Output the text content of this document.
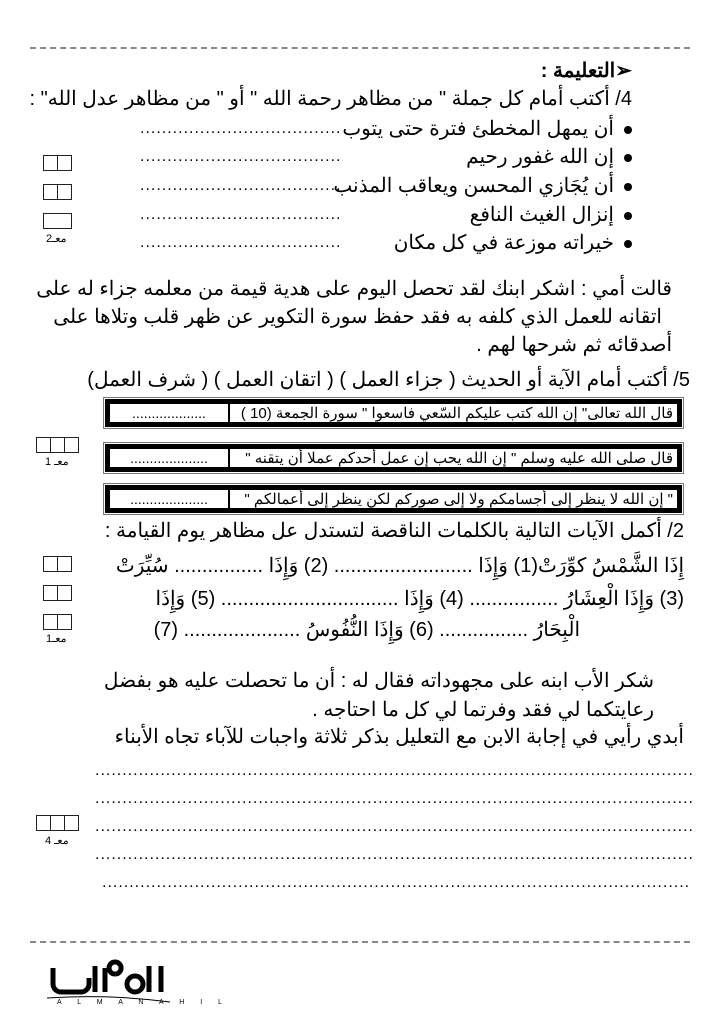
➢التعليمة :
4/ أكتب أمام كل جملة " من مظاهر رحمة الله " أو " من مظاهر عدل الله" :
أن يمهل المخطئ فترة حتى يتوب
.....................................
إن الله غفور رحيم
.....................................
أن يُجَازي المحسن ويعاقب المذنب
.....................................
إنزال الغيث النافع
.....................................
خيراته موزعة في كل مكان
.....................................
معـ2
قالت أمي : اشكر ابنك لقد تحصل اليوم على هدية قيمة من معلمه جزاء له على
اتقانه للعمل الذي كلفه به فقد حفظ سورة التكوير عن ظهر قلب وتلاها على
أصدقائه ثم شرحها لهم .
5/ أكتب أمام الآية أو الحديث ( جزاء العمل ) ( اتقان العمل ) ( شرف العمل)
قال الله تعالى" إن الله كتب عليكم السّعي فاسعوا " سورة الجمعة (10 )
...................
قال صلى الله عليه وسلم " إن الله يحب إن عمل أحدكم عملا أن يتقنه "
....................
" إن الله لا ينظر إلى أجسامكم ولا إلى صوركم لكن ينظر إلى أعمالكم "
....................
معـ 1
2/ أكمل الآيات التالية بالكلمات الناقصة لتستدل عل مظاهر يوم القيامة :
إِذَا الشَّمْسُ كوِّرَتْ(1) وَإِذَا ......................... (2) وَإِذَا ................ سُيِّرَتْ
(3) وَإِذَا الْعِشَارُ ................ (4) وَإِذَا ................................ (5) وَإِذَا
الْبِحَارُ ................ (6) وَإِذَا النُّفُوسُ ..................... (7)
معـ1
شكر الأب ابنه على مجهوداته فقال له : أن ما تحصلت عليه هو بفضل
رعايتكما لي فقد وفرتما لي كل ما احتاجه .
أبدي رأيي في إجابة الابن مع التعليل بذكر ثلاثة واجبات للآباء تجاه الأبناء
..............................................................................................................
..............................................................................................................
..............................................................................................................
..............................................................................................................
............................................................................................................
معـ 4
A L M A N A H I L
